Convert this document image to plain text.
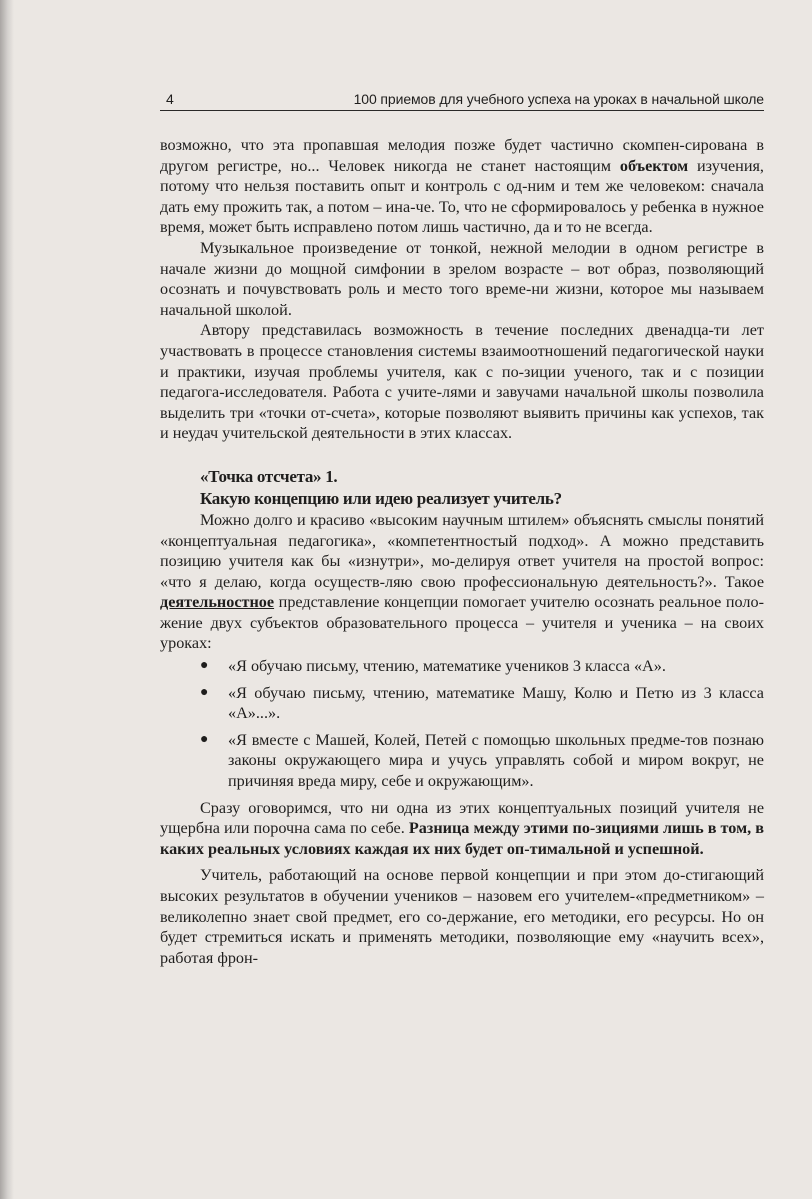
4	100 приемов для учебного успеха на уроках в начальной школе

возможно, что эта пропавшая мелодия позже будет частично скомпен-сирована в другом регистре, но... Человек никогда не станет настоящим объектом изучения, потому что нельзя поставить опыт и контроль с од-ним и тем же человеком: сначала дать ему прожить так, а потом – ина-че. То, что не сформировалось у ребенка в нужное время, может быть исправлено потом лишь частично, да и то не всегда.

Музыкальное произведение от тонкой, нежной мелодии в одном регистре в начале жизни до мощной симфонии в зрелом возрасте – вот образ, позволяющий осознать и почувствовать роль и место того време-ни жизни, которое мы называем начальной школой.

Автору представилась возможность в течение последних двенадца-ти лет участвовать в процессе становления системы взаимоотношений педагогической науки и практики, изучая проблемы учителя, как с по-зиции ученого, так и с позиции педагога-исследователя. Работа с учите-лями и завучами начальной школы позволила выделить три «точки от-счета», которые позволяют выявить причины как успехов, так и неудач учительской деятельности в этих классах.

«Точка отсчета» 1.
Какую концепцию или идею реализует учитель?

Можно долго и красиво «высоким научным штилем» объяснять смыслы понятий «концептуальная педагогика», «компетентностый подход». А можно представить позицию учителя как бы «изнутри», мо-делируя ответ учителя на простой вопрос: «что я делаю, когда осуществ-ляю свою профессиональную деятельность?». Такое деятельностное представление концепции помогает учителю осознать реальное поло-жение двух субъектов образовательного процесса – учителя и ученика – на своих уроках:

● «Я обучаю письму, чтению, математике учеников 3 класса «А».
● «Я обучаю письму, чтению, математике Машу, Колю и Петю из 3 класса «А»...».
● «Я вместе с Машей, Колей, Петей с помощью школьных предме-тов познаю законы окружающего мира и учусь управлять собой и миром вокруг, не причиняя вреда миру, себе и окружающим».

Сразу оговоримся, что ни одна из этих концептуальных позиций учителя не ущербна или порочна сама по себе. Разница между этими по-зициями лишь в том, в каких реальных условиях каждая их них будет оп-тимальной и успешной.

Учитель, работающий на основе первой концепции и при этом до-стигающий высоких результатов в обучении учеников – назовем его учителем-«предметником» – великолепно знает свой предмет, его со-держание, его методики, его ресурсы. Но он будет стремиться искать и применять методики, позволяющие ему «научить всех», работая фрон-
